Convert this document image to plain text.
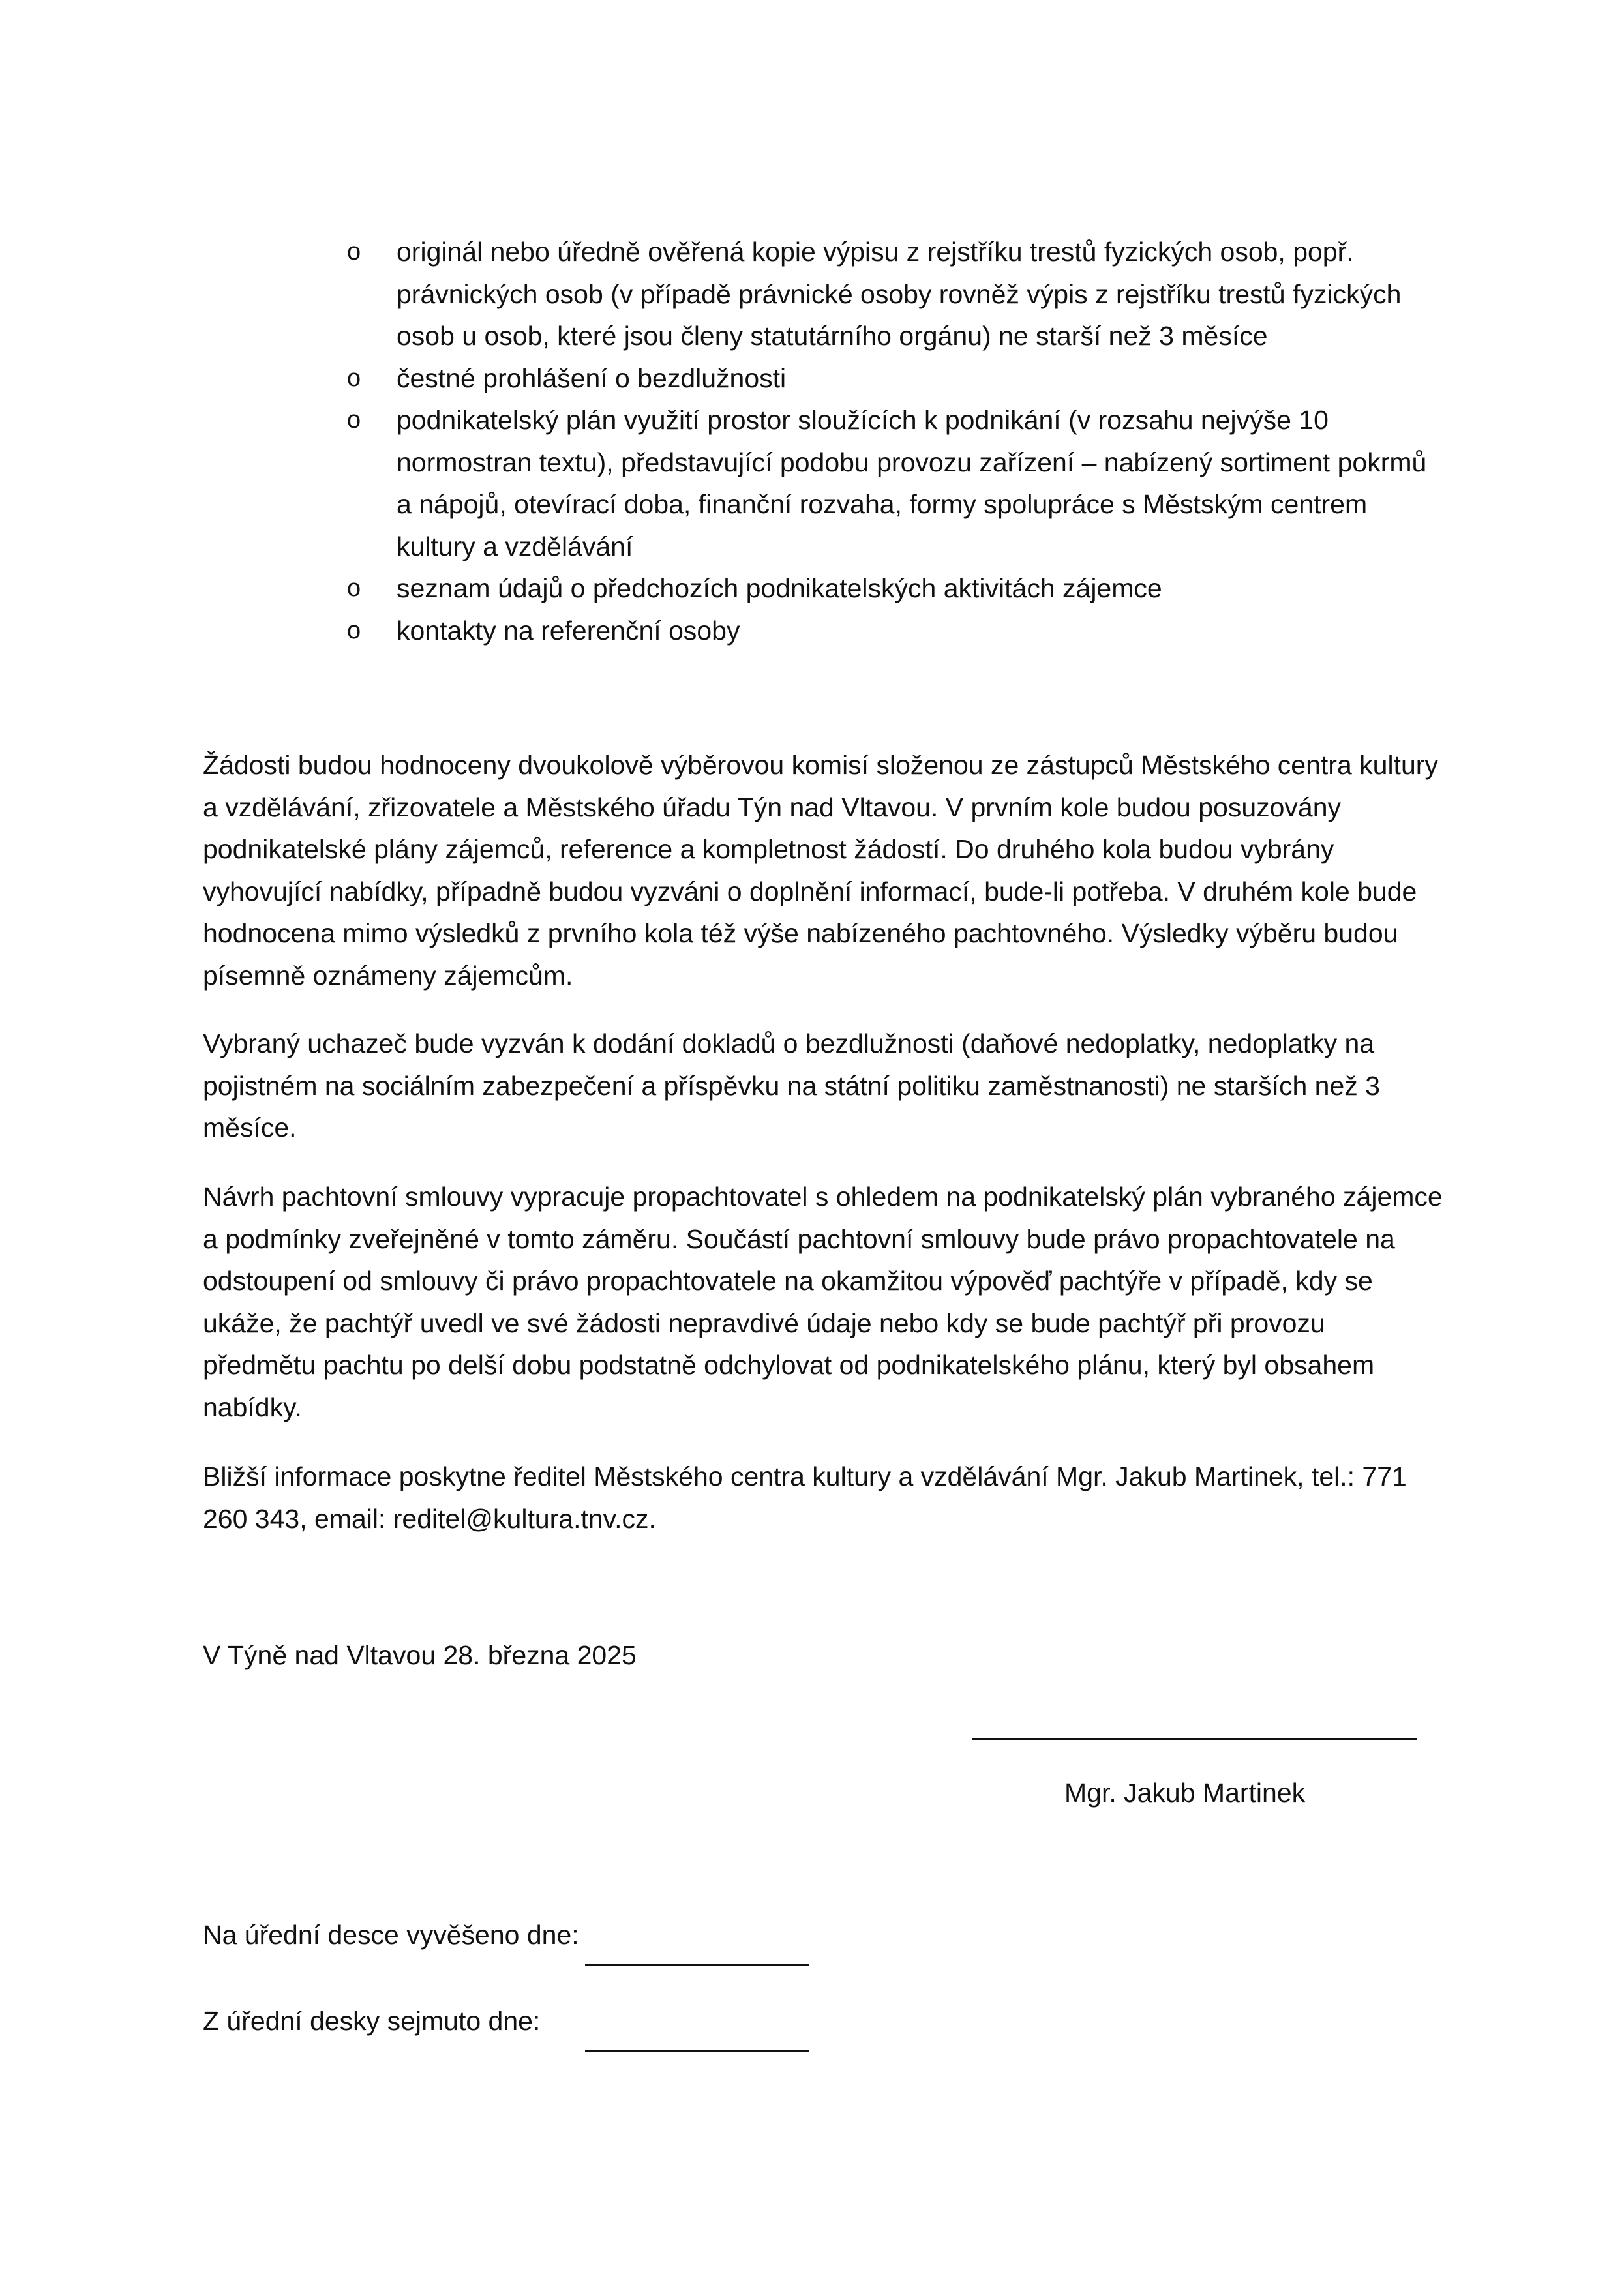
o	originál nebo úředně ověřená kopie výpisu z rejstříku trestů fyzických osob, popř. právnických osob (v případě právnické osoby rovněž výpis z rejstříku trestů fyzických osob u osob, které jsou členy statutárního orgánu) ne starší než 3 měsíce
o	čestné prohlášení o bezdlužnosti
o	podnikatelský plán využití prostor sloužících k podnikání (v rozsahu nejvýše 10 normostran textu), představující podobu provozu zařízení – nabízený sortiment pokrmů a nápojů, otevírací doba, finanční rozvaha, formy spolupráce s Městským centrem kultury a vzdělávání
o	seznam údajů o předchozích podnikatelských aktivitách zájemce
o	kontakty na referenční osoby

Žádosti budou hodnoceny dvoukolově výběrovou komisí složenou ze zástupců Městského centra kultury a vzdělávání, zřizovatele a Městského úřadu Týn nad Vltavou. V prvním kole budou posuzovány podnikatelské plány zájemců, reference a kompletnost žádostí. Do druhého kola budou vybrány vyhovující nabídky, případně budou vyzváni o doplnění informací, bude-li potřeba. V druhém kole bude hodnocena mimo výsledků z prvního kola též výše nabízeného pachtovného. Výsledky výběru budou písemně oznámeny zájemcům.

Vybraný uchazeč bude vyzván k dodání dokladů o bezdlužnosti (daňové nedoplatky, nedoplatky na pojistném na sociálním zabezpečení a příspěvku na státní politiku zaměstnanosti) ne starších než 3 měsíce.

Návrh pachtovní smlouvy vypracuje propachtovatel s ohledem na podnikatelský plán vybraného zájemce a podmínky zveřejněné v tomto záměru. Součástí pachtovní smlouvy bude právo propachtovatele na odstoupení od smlouvy či právo propachtovatele na okamžitou výpověď pachtýře v případě, kdy se ukáže, že pachtýř uvedl ve své žádosti nepravdivé údaje nebo kdy se bude pachtýř při provozu předmětu pachtu po delší dobu podstatně odchylovat od podnikatelského plánu, který byl obsahem nabídky.

Bližší informace poskytne ředitel Městského centra kultury a vzdělávání Mgr. Jakub Martinek, tel.: 771 260 343, email: reditel@kultura.tnv.cz.

V Týně nad Vltavou 28. března 2025
Mgr. Jakub Martinek
Na úřední desce vyvěšeno dne:
Z úřední desky sejmuto dne:
